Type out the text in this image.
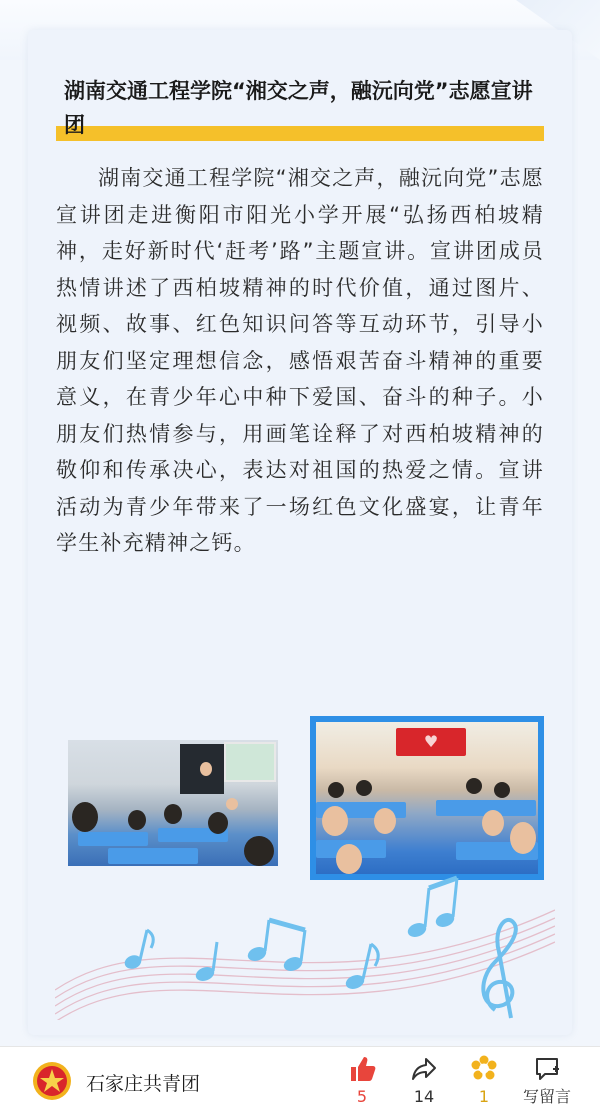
湖南交通工程学院“湘交之声，融沅向党”志愿宣讲团

湖南交通工程学院“湘交之声，融沅向党”志愿宣讲团走进衡阳市阳光小学开展“弘扬西柏坡精神，走好新时代‘赶考’路”主题宣讲。宣讲团成员热情讲述了西柏坡精神的时代价值，通过图片、视频、故事、红色知识问答等互动环节，引导小朋友们坚定理想信念，感悟艰苦奋斗精神的重要意义，在青少年心中种下爱国、奋斗的种子。小朋友们热情参与，用画笔诠释了对西柏坡精神的敬仰和传承决心，表达对祖国的热爱之情。宣讲活动为青少年带来了一场红色文化盛宴，让青年学生补充精神之钙。

♥
石家庄共青团
5	14	1	写留言
